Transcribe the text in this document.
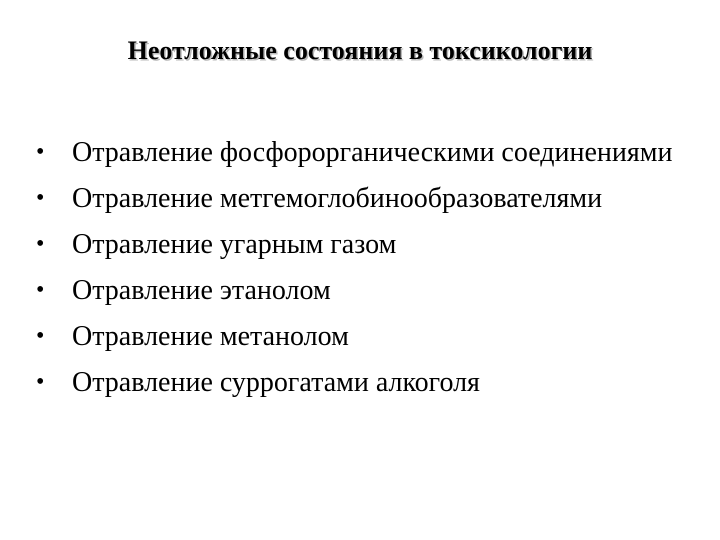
Неотложные состояния в токсикологии
• Отравление фосфорорганическими соединениями
• Отравление метгемоглобинообразователями
• Отравление угарным газом
• Отравление этанолом
• Отравление метанолом
• Отравление суррогатами алкоголя
